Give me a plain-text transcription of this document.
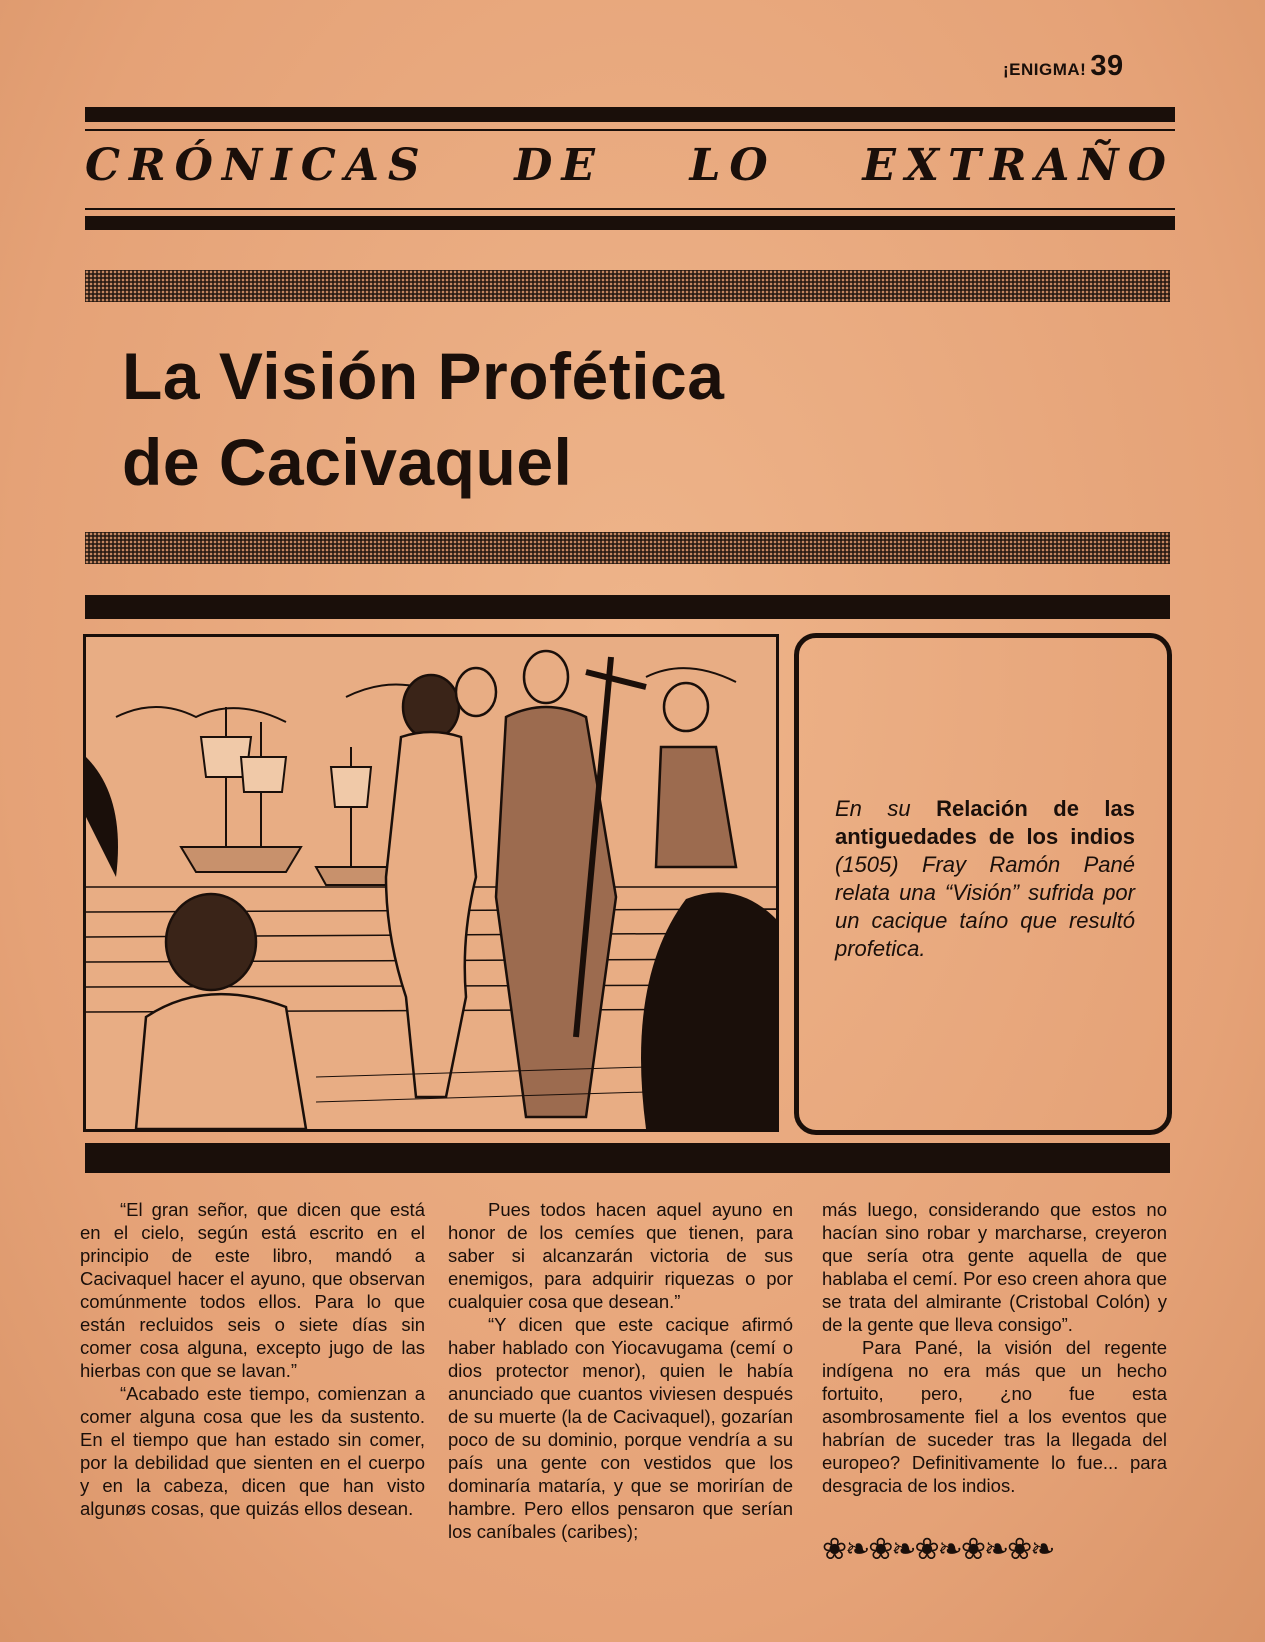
¡ENIGMA! 39
CRÓNICAS DE LO EXTRAÑO
La Visión Profética
de Cacivaquel
En su Relación de las antiguedades de los indios (1505) Fray Ramón Pané relata una “Visión” sufrida por un cacique taíno que resultó profetica.

“El gran señor, que dicen que está en el cielo, según está escrito en el principio de este libro, mandó a Cacivaquel hacer el ayuno, que observan comúnmente todos ellos. Para lo que están recluidos seis o siete días sin comer cosa alguna, excepto jugo de las hierbas con que se lavan.”

“Acabado este tiempo, comienzan a comer alguna cosa que les da sustento. En el tiempo que han estado sin comer, por la debilidad que sienten en el cuerpo y en la cabeza, dicen que han visto algunøs cosas, que quizás ellos desean.

Pues todos hacen aquel ayuno en honor de los cemíes que tienen, para saber si alcanzarán victoria de sus enemigos, para adquirir riquezas o por cualquier cosa que desean.”

“Y dicen que este cacique afirmó haber hablado con Yiocavugama (cemí o dios protector menor), quien le había anunciado que cuantos viviesen después de su muerte (la de Cacivaquel), gozarían poco de su dominio, porque vendría a su país una gente con vestidos que los dominaría mataría, y que se morirían de hambre. Pero ellos pensaron que serían los caníbales (caribes);

más luego, considerando que estos no hacían sino robar y marcharse, creyeron que sería otra gente aquella de que hablaba el cemí. Por eso creen ahora que se trata del almirante (Cristobal Colón) y de la gente que lleva consigo”.

Para Pané, la visión del regente indígena no era más que un hecho fortuito, pero, ¿no fue esta asombrosamente fiel a los eventos que habrían de suceder tras la llegada del europeo? Definitivamente lo fue... para desgracia de los indios.

❀❧❀❧❀❧❀❧❀❧
